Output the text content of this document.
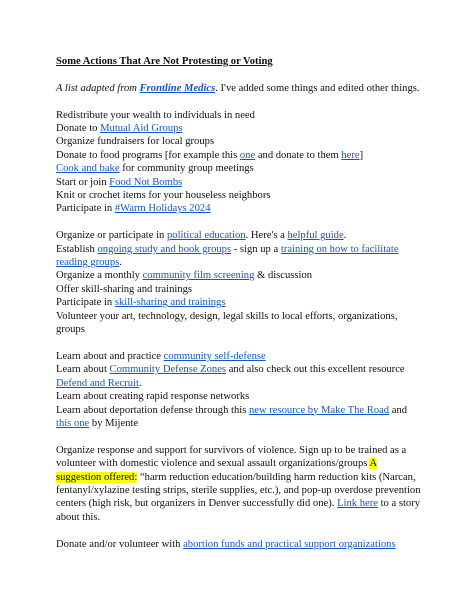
Some Actions That Are Not Protesting or Voting
A list adapted from Frontline Medics. I've added some things and edited other things.
Redistribute your wealth to individuals in need
Donate to Mutual Aid Groups
Organize fundraisers for local groups
Donate to food programs [for example this one and donate to them here]
Cook and bake for community group meetings
Start or join Food Not Bombs
Knit or crochet items for your houseless neighbors
Participate in #Warm Holidays 2024
Organize or participate in political education. Here's a helpful guide.
Establish ongoing study and book groups - sign up a training on how to facilitate reading groups.
Organize a monthly community film screening & discussion
Offer skill-sharing and trainings
Participate in skill-sharing and trainings
Volunteer your art, technology, design, legal skills to local efforts, organizations, groups
Learn about and practice community self-defense
Learn about Community Defense Zones and also check out this excellent resource Defend and Recruit.
Learn about creating rapid response networks
Learn about deportation defense through this new resource by Make The Road and this one by Mijente
Organize response and support for survivors of violence. Sign up to be trained as a volunteer with domestic violence and sexual assault organizations/groups A suggestion offered: “harm reduction education/building harm reduction kits (Narcan, fentanyl/xylazine testing strips, sterile supplies, etc.), and pop-up overdose prevention centers (high risk, but organizers in Denver successfully did one). Link here to a story about this.
Donate and/or volunteer with abortion funds and practical support organizations
